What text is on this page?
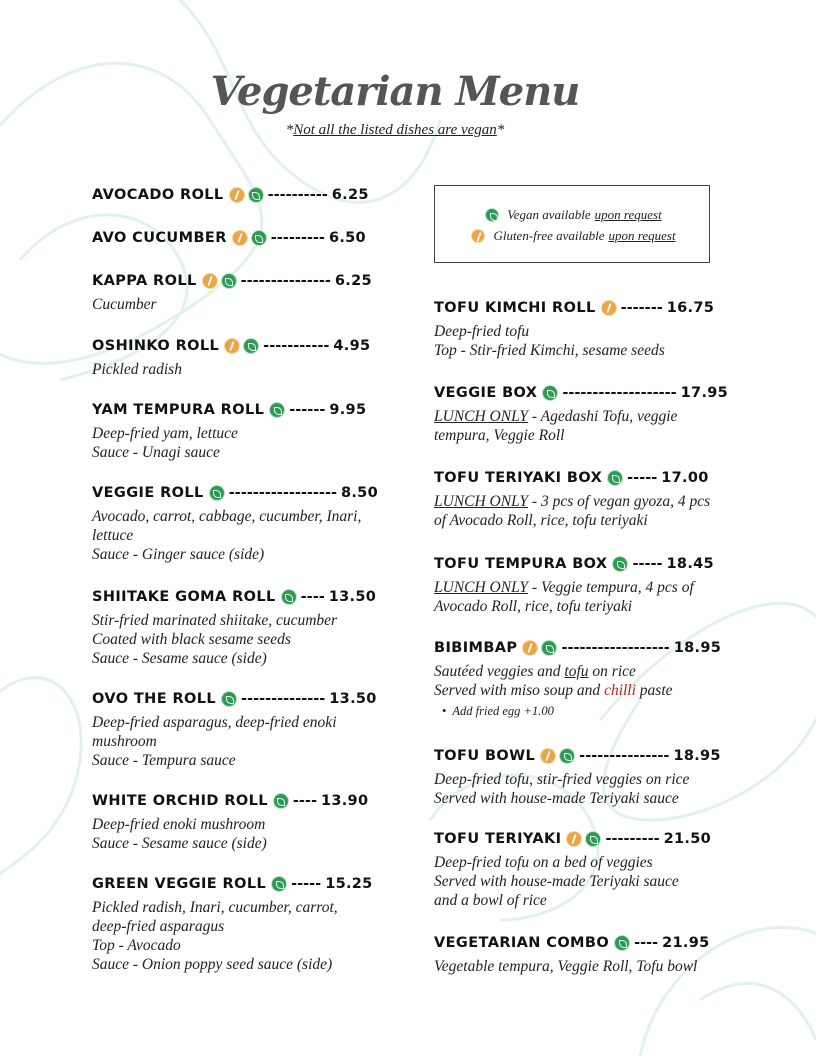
Vegetarian Menu
*Not all the listed dishes are vegan*
Vegan available upon request
Gluten-free available upon request
AVOCADO ROLL	---------- 6.25
AVO CUCUMBER	--------- 6.50
KAPPA ROLL	--------------- 6.25
Cucumber
OSHINKO ROLL	----------- 4.95
Pickled radish
YAM TEMPURA ROLL ------ 9.95
Deep-fried yam, lettuce
Sauce - Unagi sauce
VEGGIE ROLL ------------------ 8.50
Avocado, carrot, cabbage, cucumber, Inari,
lettuce
Sauce - Ginger sauce (side)
SHIITAKE GOMA ROLL ---- 13.50
Stir-fried marinated shiitake, cucumber
Coated with black sesame seeds
Sauce - Sesame sauce (side)
OVO THE ROLL -------------- 13.50
Deep-fried asparagus, deep-fried enoki
mushroom
Sauce - Tempura sauce
WHITE ORCHID ROLL ---- 13.90
Deep-fried enoki mushroom
Sauce - Sesame sauce (side)
GREEN VEGGIE ROLL ----- 15.25
Pickled radish, Inari, cucumber, carrot,
deep-fried asparagus
Top - Avocado
Sauce - Onion poppy seed sauce (side)
TOFU KIMCHI ROLL ------- 16.75
Deep-fried tofu
Top - Stir-fried Kimchi, sesame seeds
VEGGIE BOX ------------------- 17.95
LUNCH ONLY - Agedashi Tofu, veggie
tempura, Veggie Roll
TOFU TERIYAKI BOX ----- 17.00
LUNCH ONLY - 3 pcs of vegan gyoza, 4 pcs
of Avocado Roll, rice, tofu teriyaki
TOFU TEMPURA BOX ----- 18.45
LUNCH ONLY - Veggie tempura, 4 pcs of
Avocado Roll, rice, tofu teriyaki
BIBIMBAP	------------------ 18.95
Sautéed veggies and tofu on rice
Served with miso soup and chilli paste
• Add fried egg +1.00
TOFU BOWL	--------------- 18.95
Deep-fried tofu, stir-fried veggies on rice
Served with house-made Teriyaki sauce
TOFU TERIYAKI	--------- 21.50
Deep-fried tofu on a bed of veggies
Served with house-made Teriyaki sauce
and a bowl of rice
VEGETARIAN COMBO ---- 21.95
Vegetable tempura, Veggie Roll, Tofu bowl
